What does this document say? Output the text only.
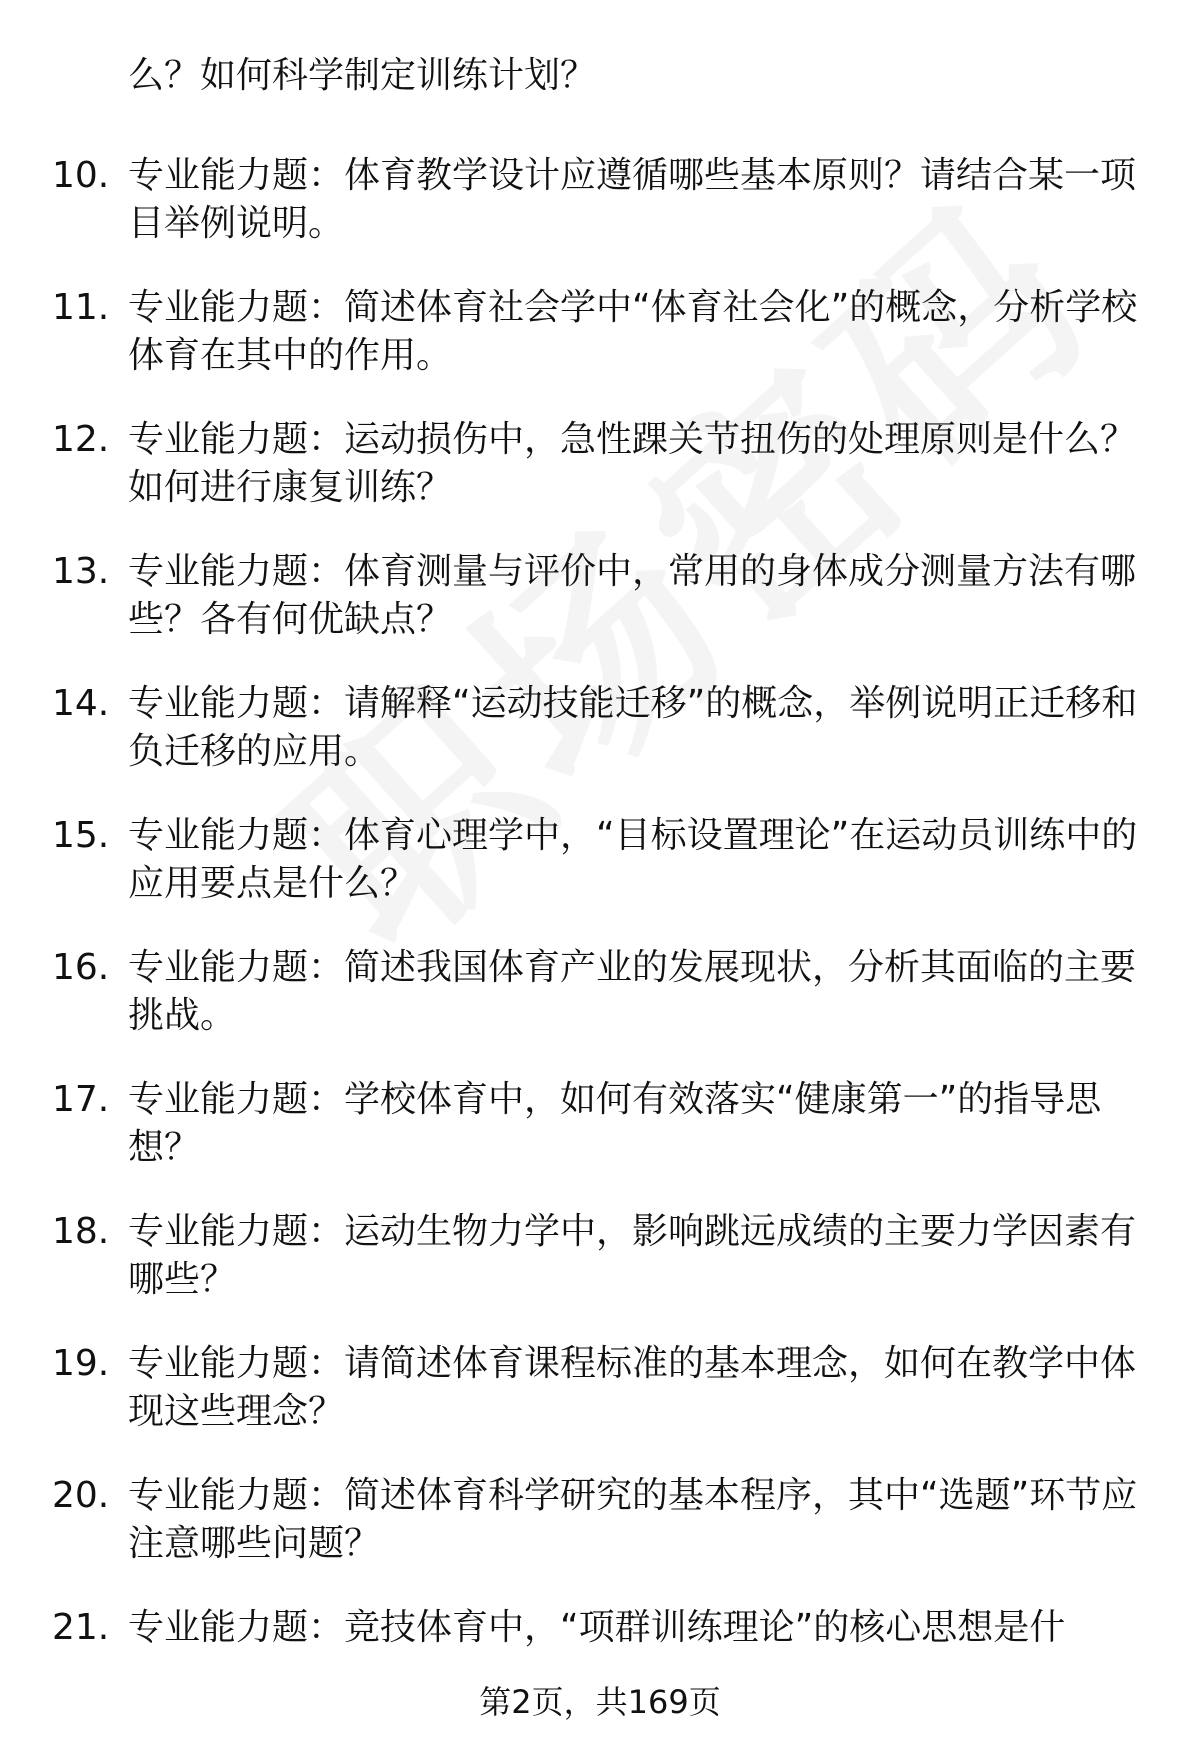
么？如何科学制定训练计划？
10. 专业能力题：体育教学设计应遵循哪些基本原则？请结合某一项目举例说明。
11. 专业能力题：简述体育社会学中“体育社会化”的概念，分析学校体育在其中的作用。
12. 专业能力题：运动损伤中，急性踝关节扭伤的处理原则是什么？如何进行康复训练？
13. 专业能力题：体育测量与评价中，常用的身体成分测量方法有哪些？各有何优缺点？
14. 专业能力题：请解释“运动技能迁移”的概念，举例说明正迁移和负迁移的应用。
15. 专业能力题：体育心理学中，“目标设置理论”在运动员训练中的应用要点是什么？
16. 专业能力题：简述我国体育产业的发展现状，分析其面临的主要挑战。
17. 专业能力题：学校体育中，如何有效落实“健康第一”的指导思想？
18. 专业能力题：运动生物力学中，影响跳远成绩的主要力学因素有哪些？
19. 专业能力题：请简述体育课程标准的基本理念，如何在教学中体现这些理念？
20. 专业能力题：简述体育科学研究的基本程序，其中“选题”环节应注意哪些问题？
21. 专业能力题：竞技体育中，“项群训练理论”的核心思想是什
第2页，共169页
